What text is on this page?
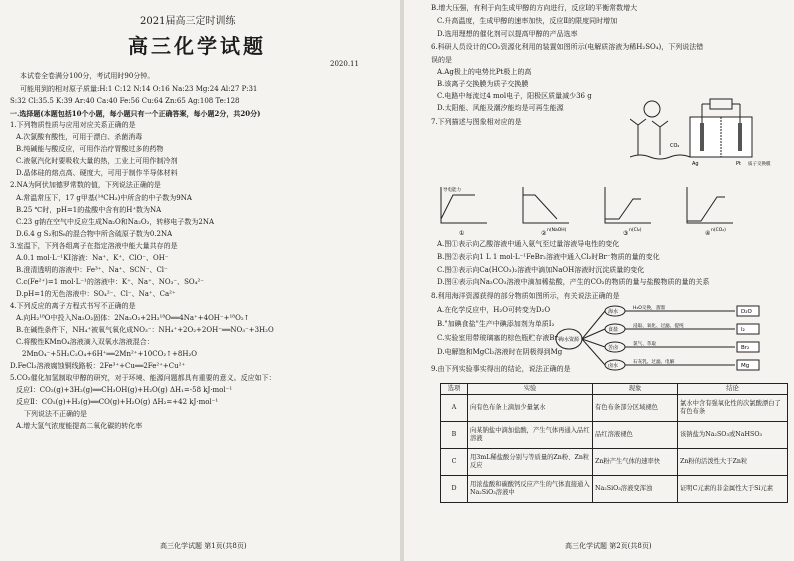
2021届高三定时训练
高三化学试题
2020.11
本试卷全卷满分100分，考试用时90分钟。
可能用到的相对原子质量:H:1 C:12 N:14 O:16 Na:23 Mg:24 Al:27 P:31
S:32 Cl:35.5 K:39 Ar:40 Ca:40 Fe:56 Cu:64 Zn:65 Ag:108 Te:128
一.选择题(本题包括10个小题，每小题只有一个正确答案，每小题2分，共20分)
1.下列物质性质与应用对应关系正确的是
A.次氯酸有酸性，可用于漂白、杀菌消毒
B.纯碱能与酸反应，可用作治疗胃酸过多的药物
C.液氨汽化时要吸收大量的热，工业上可用作制冷剂
D.晶体硅的熔点高、硬度大，可用于制作半导体材料
2.NA为阿伏加德罗常数的值，下列说法正确的是
A.常温常压下，17 g甲基(¹⁴CH₃)中所含的中子数为9NA
B.25 ℃时，pH=1的盐酸中含有的H⁺数为NA
C.23 g钠在空气中反应生成Na₂O和Na₂O₂，转移电子数为2NA
D.6.4 g S₂和S₈的混合物中所含硫原子数为0.2NA
3.室温下，下列各组离子在指定溶液中能大量共存的是
A.0.1 mol·L⁻¹KI溶液：Na⁺、K⁺、ClO⁻、OH⁻
B.澄清透明的溶液中：Fe³⁺、Na⁺、SCN⁻、Cl⁻
C.c(Fe²⁺)=1 mol·L⁻¹的溶液中：K⁺、Na⁺、NO₃⁻、SO₄²⁻
D.pH=1的无色溶液中：SO₄²⁻、Cl⁻、Na⁺、Ca²⁺
4.下列反应的离子方程式书写不正确的是
A.向H₂¹⁸O中投入Na₂O₂固体：2Na₂O₂+2H₂¹⁸O══4Na⁺+4OH⁻+¹⁸O₂↑
B.在碱性条件下，NH₄⁺被氧气氧化成NO₃⁻：NH₄⁺+2O₂+2OH⁻══NO₃⁻+3H₂O
C.将酸性KMnO₄溶液滴入双氧水溶液混合：
2MnO₄⁻+5H₂C₂O₄+6H⁺══2Mn²⁺+10CO₂↑+8H₂O
D.FeCl₃溶液腐蚀铜线路板：2Fe³⁺+Cu══2Fe²⁺+Cu²⁺
5.CO₂催化加氢制取甲醇的研究，对于环境、能源问题都具有重要的意义。反应如下：
反应Ⅰ：CO₂(g)+3H₂(g)══CH₃OH(g)+H₂O(g) ΔH₁=-58 kJ·mol⁻¹
反应Ⅱ：CO₂(g)+H₂(g)══CO(g)+H₂O(g) ΔH₂=+42 kJ·mol⁻¹
下列说法不正确的是
A.增大氢气浓度能提高二氧化碳的转化率
高三化学试题 第1页(共8页)
B.增大压强，有利于向生成甲醇的方向进行，反应Ⅰ的平衡常数增大
C.升高温度，生成甲醇的速率加快，反应Ⅱ的限度同时增加
D.选用理想的催化剂可以提高甲醇的产品选率
6.科研人员设计的CO₂资源化利用的装置如图所示(电解质溶液为稀H₂SO₄)，下列说法错
误的是
A.Ag极上的电势比Pt极上的高
B.该离子交换膜为质子交换膜
C.电路中每流过4 mol电子，阳极区质量减少36 g
D.太阳能、风能及潮汐能均是可再生能源
7.下列描述与图象相对应的是
Ag	Pt
CO₂
质子交换膜
①
导电能力
② n(NaOH)	③ n(Cl₂)	④ n(CO₂)
A.图①表示向乙酸溶液中通入氨气至过量溶液导电性的变化
B.图②表示向1 L 1 mol·L⁻¹FeBr₂溶液中通入Cl₂时Br⁻物质的量的变化
C.图③表示向Ca(HCO₃)₂溶液中滴加NaOH溶液时沉淀质量的变化
D.图④表示向Na₂CO₃溶液中滴加稀盐酸，产生的CO₂的物质的量与盐酸物质的量的关系
8.利用海洋资源获得的部分物质如图所示，有关说法正确的是
A.在化学反应中，H₂O可转变为D₂O
B."加碘食盐"生产中碘添加剂为单质I₂
C.实验室用带玻璃塞的棕色瓶贮存液Br₂
D.电解饱和MgCl₂溶液时在阴极得到Mg
9.由下列实验事实得出的结论，说法正确的是
海水资源
海水
H₂O交换，蒸馏
D₂O
食盐
浸取、氧化、过滤、提纯
I₂
苦卤
氯气、萃取
Br₂
卤水
石灰乳、过滤、电解
Mg
选项	实验	现象	结论
A	向有色布条上滴加少量氯水	有色布条部分区域褪色	氯水中含有强氧化性的次氯酸漂白了有色布条
B	向某钠盐中滴加盐酸，产生气体再通入品红溶液	品红溶液褪色	该钠盐为Na₂SO₃或NaHSO₃
C	用3mL稀盐酸分别与等质量的Zn粉、Zn粒反应	Zn粉产生气体的速率快	Zn粉的活泼性大于Zn粒
D	用浓盐酸和碳酸钙反应产生的气体直接通入Na₂SiO₃溶液中	Na₂SiO₃溶液变浑浊	证明C元素的非金属性大于Si元素
高三化学试题 第2页(共8页)
